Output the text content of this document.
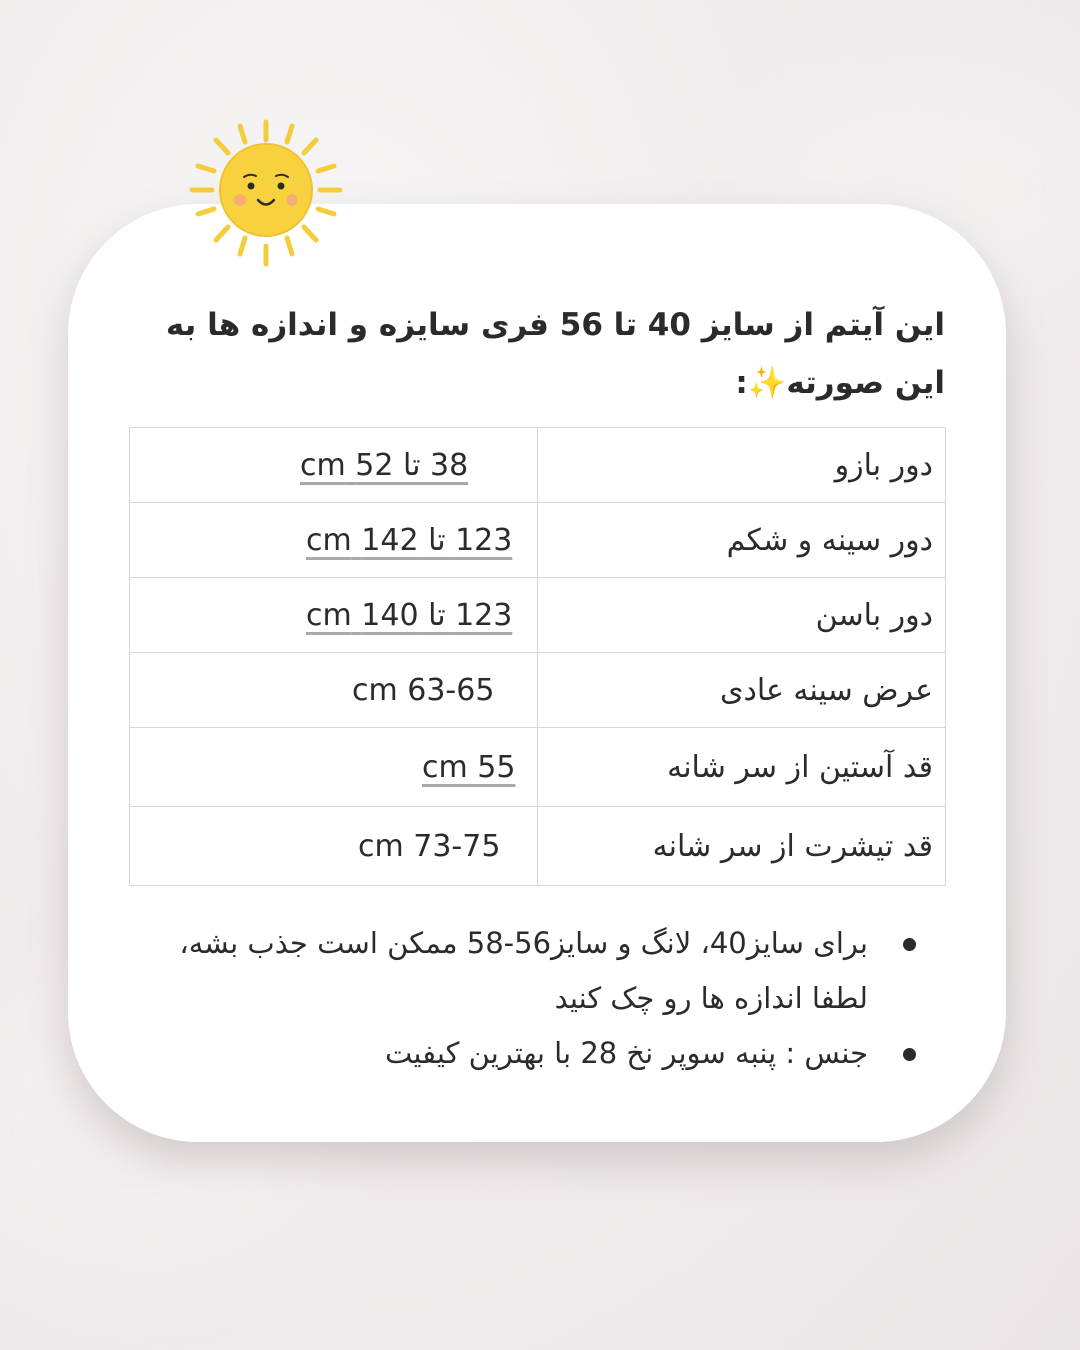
این آیتم از سایز 40 تا 56 فری سایزه و اندازه ها به این صورته✨:
دور بازو	38 تا 52 cm
دور سینه و شکم	123 تا 142 cm
دور باسن	123 تا 140 cm
عرض سینه عادی	cm 63-65
قد آستین از سر شانه	cm 55
قد تیشرت از سر شانه	cm 73-75
برای سایز40، لانگ و سایز56-58 ممکن است جذب بشه، لطفا اندازه ها رو چک کنید
جنس : پنبه سوپر نخ 28 با بهترین کیفیت
